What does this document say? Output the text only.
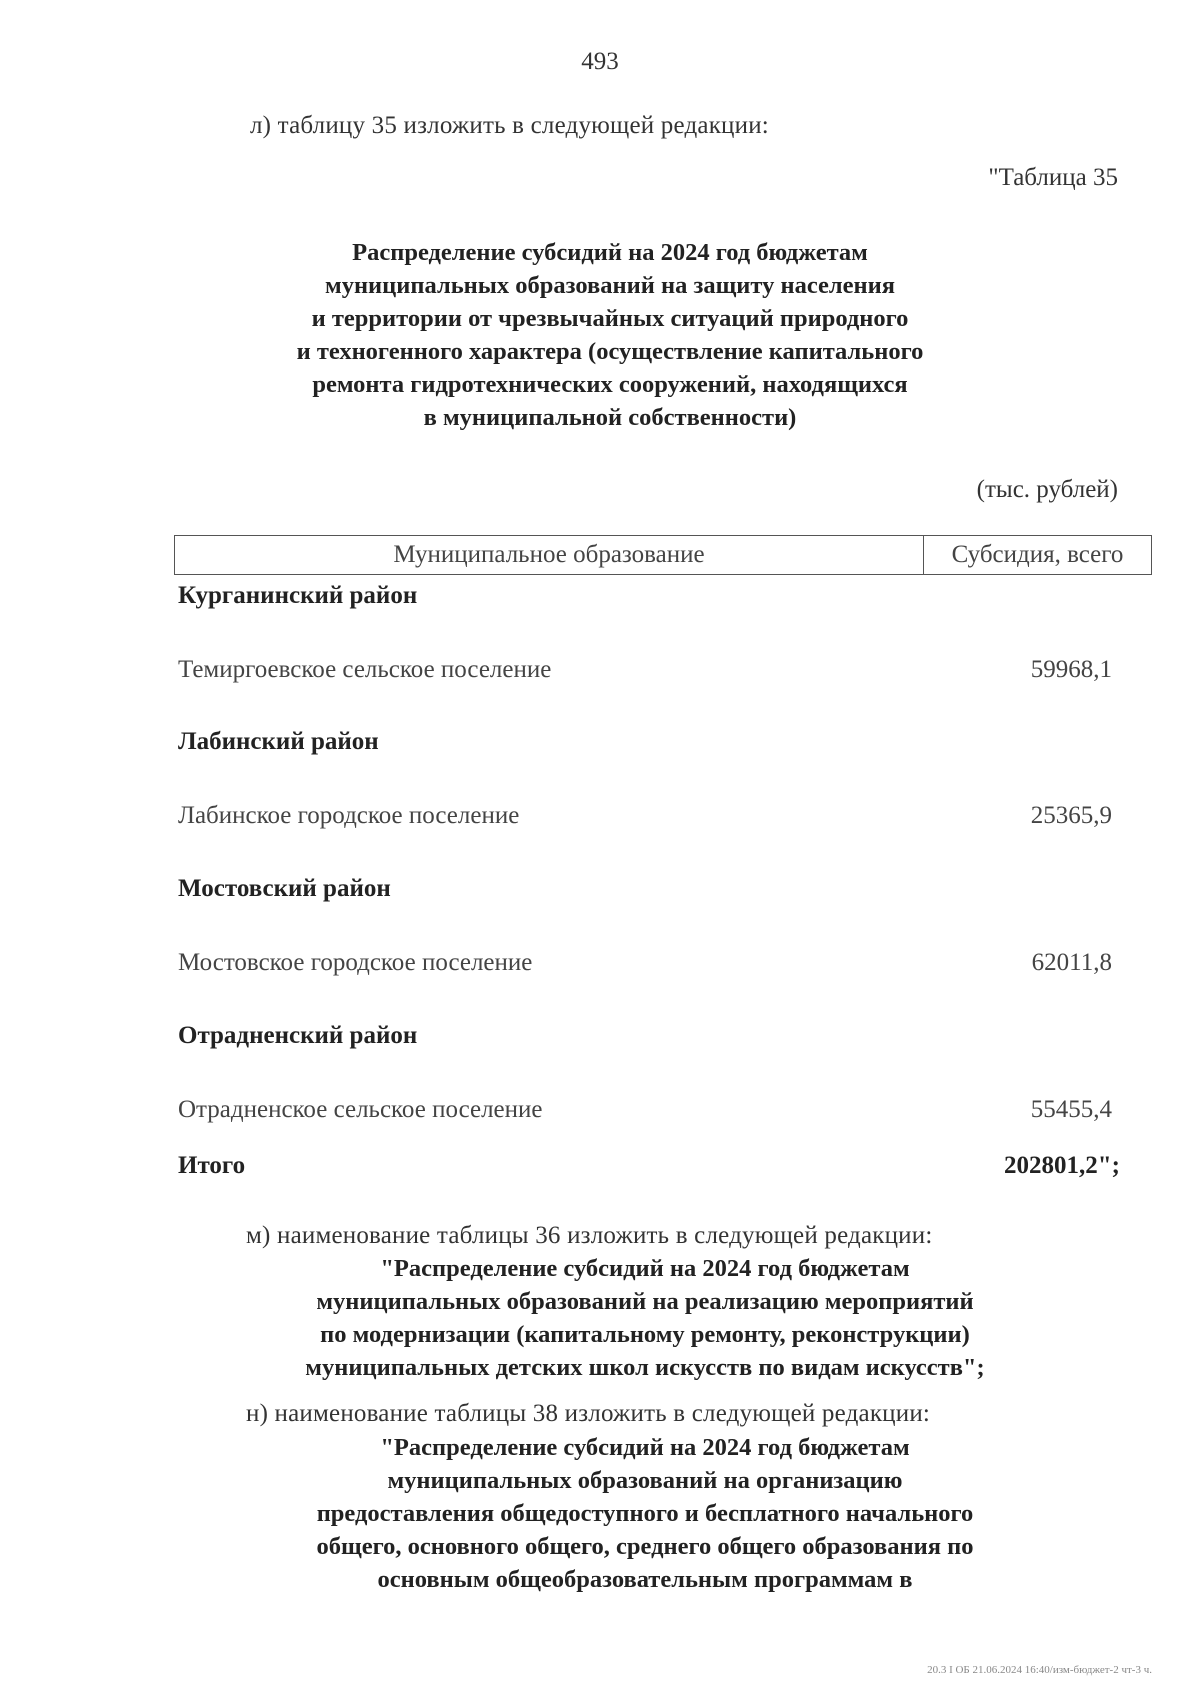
493
л) таблицу 35 изложить в следующей редакции:
"Таблица 35
Распределение субсидий на 2024 год бюджетам
муниципальных образований на защиту населения
и территории от чрезвычайных ситуаций природного
и техногенного характера (осуществление капитального
ремонта гидротехнических сооружений, находящихся
в муниципальной собственности)
(тыс. рублей)
Муниципальное образование	Субсидия, всего
Курганинский район
Темиргоевское сельское поселение	59968,1
Лабинский район
Лабинское городское поселение	25365,9
Мостовский район
Мостовское городское поселение	62011,8
Отрадненский район
Отрадненское сельское поселение	55455,4
Итого	202801,2";
м) наименование таблицы 36 изложить в следующей редакции:
"Распределение субсидий на 2024 год бюджетам
муниципальных образований на реализацию мероприятий
по модернизации (капитальному ремонту, реконструкции)
муниципальных детских школ искусств по видам искусств";
н) наименование таблицы 38 изложить в следующей редакции:
"Распределение субсидий на 2024 год бюджетам
муниципальных образований на организацию
предоставления общедоступного и бесплатного начального
общего, основного общего, среднего общего образования по
основным общеобразовательным программам в
20.3 I OБ 21.06.2024 16:40/изм-бюджет-2 чт-3 ч.
